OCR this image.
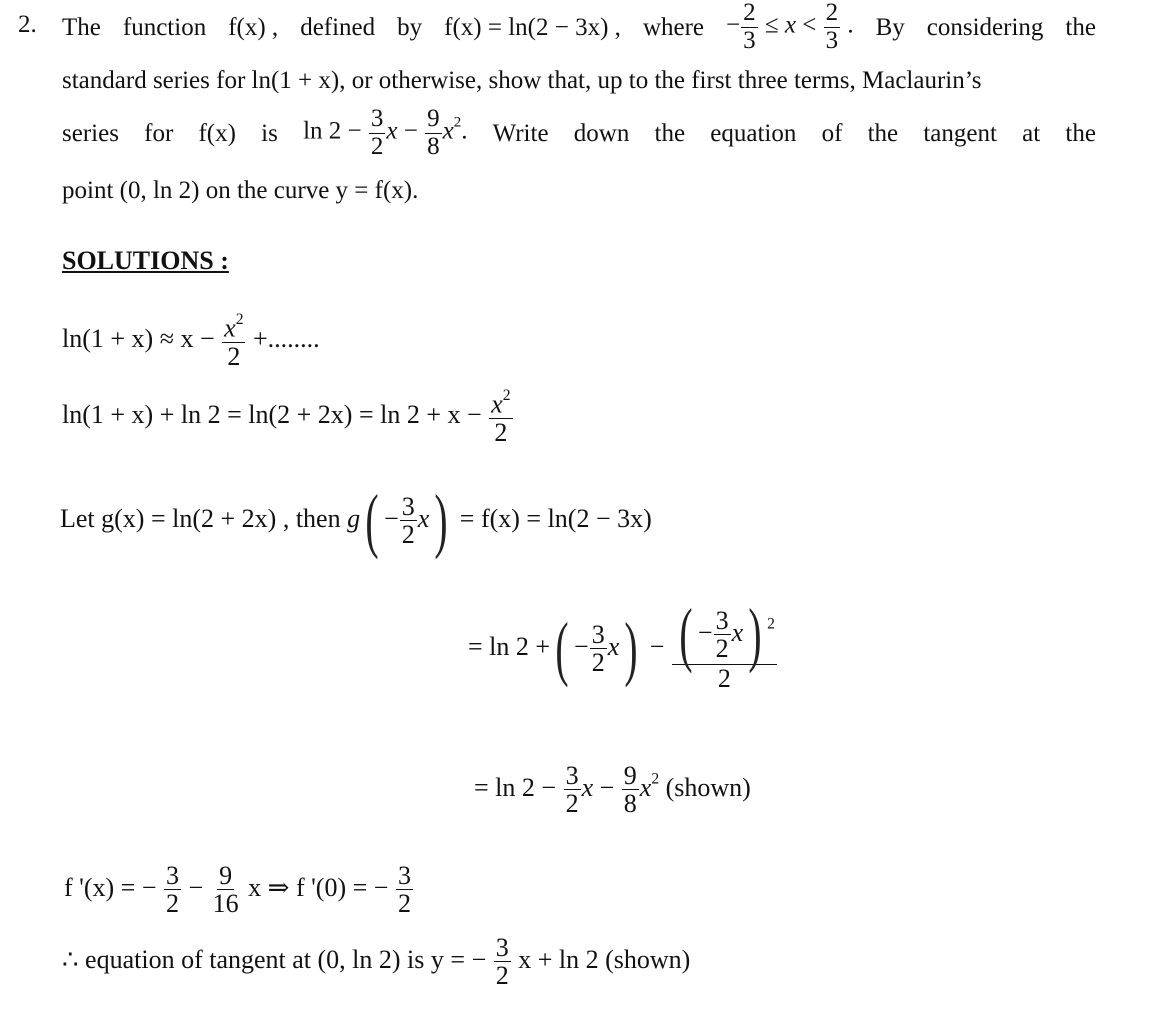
2. The function f(x) , defined by f(x) = ln(2 − 3x) , where − $\frac{2}{3} \le x < \frac{2}{3}$ . By considering the
standard series for ln(1 + x), or otherwise, show that, up to the first three terms, Maclaurin’s
series for f(x) is $\ln 2 - \frac{3}{2}$ $x - \frac{9}{8} x^2$. Write down the equation of the tangent at the
point (0, ln 2) on the curve y = f(x).
SOLUTIONS :
$\ln(1 + x) \approx x - \frac{x^2}{2}$ +........
$\ln(1 + x) + \ln 2 = \ln(2 + 2x) = \ln 2 + x - \frac{x^2}{2}$
Let g(x) = ln(2 + 2x) , then $g( - \frac{3}{2} x) = f(x) = \ln(2 - 3x)$
= ln 2 +( − $\frac{3}{2} x) - \frac{( - \frac{3}{2} x) ^2}{2}$
= $\ln 2 - \frac{3}{2}$ $x - \frac{9}{8} x^2$ (shown)
f '(x) = − $\frac{3}{2} - \frac{9}{16}$ x ⇒ f '(0) = − $\frac{3}{2}$
∴ equation of tangent at (0, ln 2) is y = − $\frac{3}{2}$ x + ln 2 (shown)
